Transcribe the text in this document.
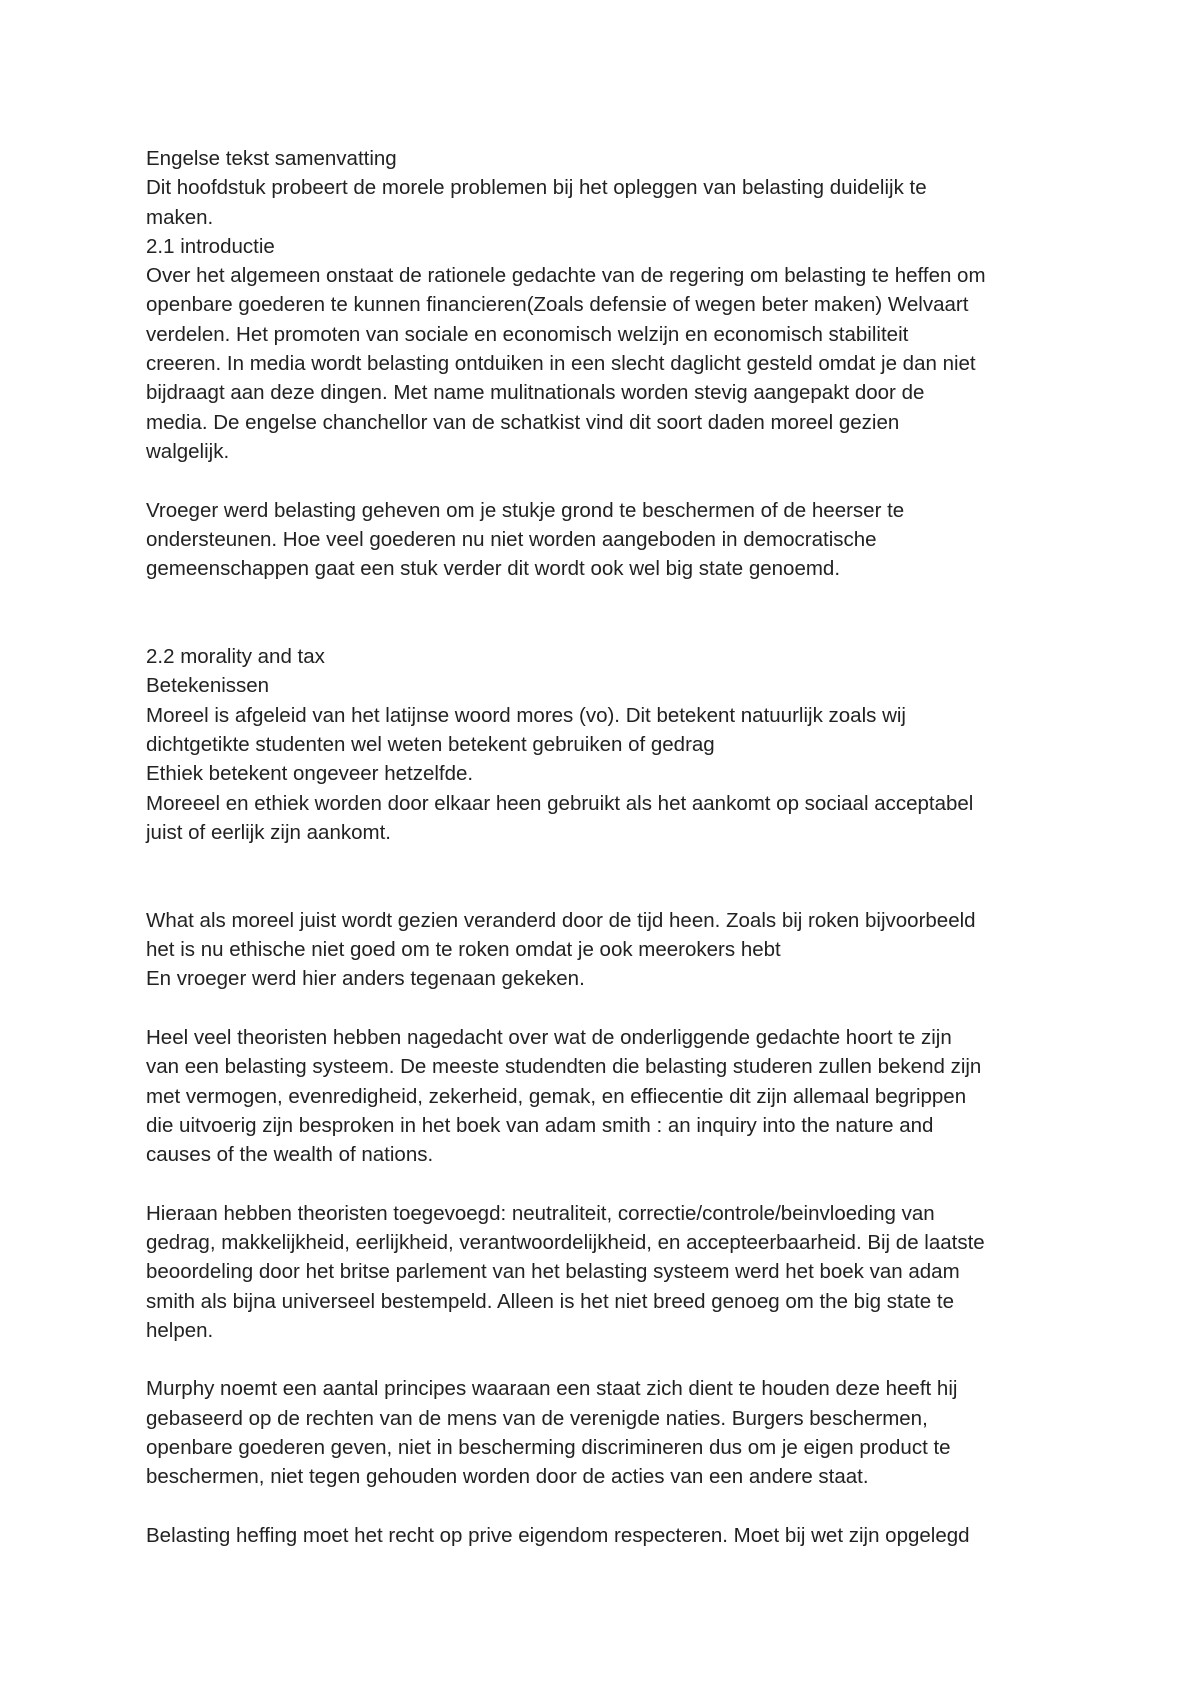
Engelse tekst samenvatting
Dit hoofdstuk probeert de morele problemen bij het opleggen van belasting duidelijk te
maken.
2.1 introductie
Over het algemeen onstaat de rationele gedachte van de regering om belasting te heffen om
openbare goederen te kunnen financieren(Zoals defensie of wegen beter maken) Welvaart
verdelen. Het promoten van sociale en economisch welzijn en economisch stabiliteit
creeren. In media wordt belasting ontduiken in een slecht daglicht gesteld omdat je dan niet
bijdraagt aan deze dingen. Met name mulitnationals worden stevig aangepakt door de
media. De engelse chanchellor van de schatkist vind dit soort daden moreel gezien
walgelijk.
Vroeger werd belasting geheven om je stukje grond te beschermen of de heerser te
ondersteunen. Hoe veel goederen nu niet worden aangeboden in democratische
gemeenschappen gaat een stuk verder dit wordt ook wel big state genoemd.
2.2 morality and tax
Betekenissen
Moreel is afgeleid van het latijnse woord mores (vo). Dit betekent natuurlijk zoals wij
dichtgetikte studenten wel weten betekent gebruiken of gedrag
Ethiek betekent ongeveer hetzelfde.
Moreeel en ethiek worden door elkaar heen gebruikt als het aankomt op sociaal acceptabel
juist of eerlijk zijn aankomt.
What als moreel juist wordt gezien veranderd door de tijd heen. Zoals bij roken bijvoorbeeld
het is nu ethische niet goed om te roken omdat je ook meerokers hebt
En vroeger werd hier anders tegenaan gekeken.
Heel veel theoristen hebben nagedacht over wat de onderliggende gedachte hoort te zijn
van een belasting systeem. De meeste studendten die belasting studeren zullen bekend zijn
met vermogen, evenredigheid, zekerheid, gemak, en effiecentie dit zijn allemaal begrippen
die uitvoerig zijn besproken in het boek van adam smith : an inquiry into the nature and
causes of the wealth of nations.
Hieraan hebben theoristen toegevoegd: neutraliteit, correctie/controle/beinvloeding van
gedrag, makkelijkheid, eerlijkheid, verantwoordelijkheid, en accepteerbaarheid. Bij de laatste
beoordeling door het britse parlement van het belasting systeem werd het boek van adam
smith als bijna universeel bestempeld. Alleen is het niet breed genoeg om the big state te
helpen.
Murphy noemt een aantal principes waaraan een staat zich dient te houden deze heeft hij
gebaseerd op de rechten van de mens van de verenigde naties. Burgers beschermen,
openbare goederen geven, niet in bescherming discrimineren dus om je eigen product te
beschermen, niet tegen gehouden worden door de acties van een andere staat.
Belasting heffing moet het recht op prive eigendom respecteren. Moet bij wet zijn opgelegd
